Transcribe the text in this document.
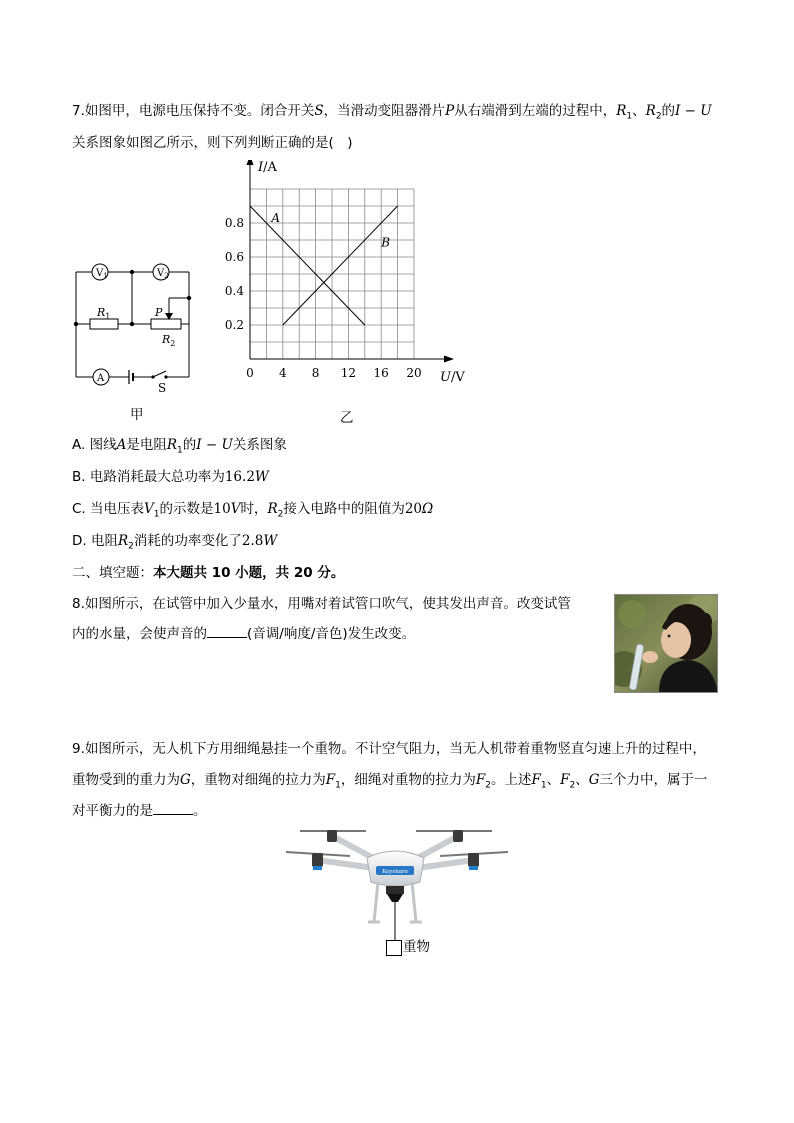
7.如图甲，电源电压保持不变。闭合开关S，当滑动变阻器滑片P从右端滑到左端的过程中，$R_1$、$R_2$的I − U
关系图象如图乙所示，则下列判断正确的是(　)
$V_1$	$V_2$
$R_1$	P
$R_2$
A
S
甲
A
B
0 4 8 12 16 20
0.2
0.4
0.6
0.8
I/A
U/V
乙
A. 图线A是电阻$R_1$的I − U关系图象
B. 电路消耗最大总功率为16.2W
C. 当电压表$V_1$的示数是10V时，$R_2$接入电路中的阻值为20Ω
D. 电阻$R_2$消耗的功率变化了2.8W
二、填空题：本大题共 10 小题，共 20 分。
8.如图所示，在试管中加入少量水，用嘴对着试管口吹气，使其发出声音。改变试管
内的水量，会使声音的	(音调/响度/音色)发生改变。
9.如图所示，无人机下方用细绳悬挂一个重物。不计空气阻力，当无人机带着重物竖直匀速上升的过程中，
重物受到的重力为G，重物对细绳的拉力为$F_1$，细绳对重物的拉力为$F_2$。上述$F_1$、$F_2$、G三个力中，属于一
对平衡力的是	。
Keyshare
重物
